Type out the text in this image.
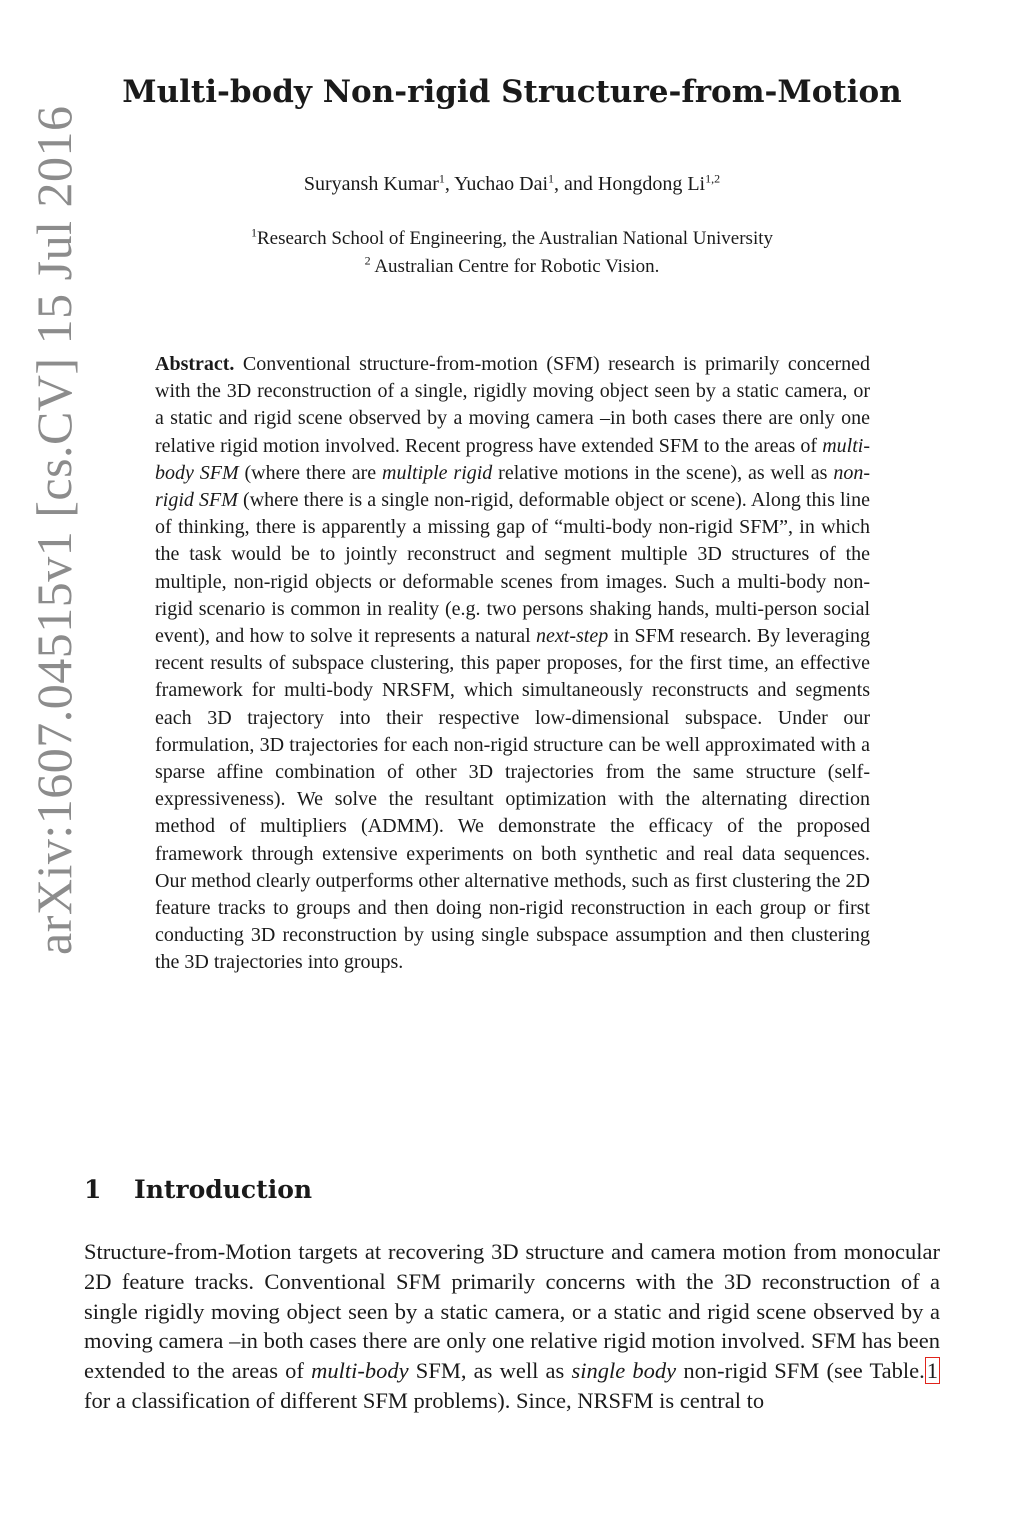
arXiv:1607.04515v1 [cs.CV] 15 Jul 2016
Multi-body Non-rigid Structure-from-Motion
Suryansh Kumar$^1$, Yuchao Dai$^1$, and Hongdong Li$^{1,2}$
$^1$Research School of Engineering, the Australian National University
$^2$ Australian Centre for Robotic Vision.

Abstract. Conventional structure-from-motion (SFM) research is primarily concerned with the 3D reconstruction of a single, rigidly moving object seen by a static camera, or a static and rigid scene observed by a moving camera –in both cases there are only one relative rigid motion involved. Recent progress have extended SFM to the areas of multi-body SFM (where there are multiple rigid relative motions in the scene), as well as non-rigid SFM (where there is a single non-rigid, deformable object or scene). Along this line of thinking, there is apparently a missing gap of “multi-body non-rigid SFM”, in which the task would be to jointly reconstruct and segment multiple 3D structures of the multiple, non-rigid objects or deformable scenes from images. Such a multi-body non-rigid scenario is common in reality (e.g. two persons shaking hands, multi-person social event), and how to solve it represents a natural next-step in SFM research. By leveraging recent results of subspace clustering, this paper proposes, for the first time, an effective framework for multi-body NRSFM, which simultaneously reconstructs and segments each 3D trajectory into their respective low-dimensional subspace. Under our formulation, 3D trajectories for each non-rigid structure can be well approximated with a sparse affine combination of other 3D trajectories from the same structure (self-expressiveness). We solve the resultant optimization with the alternating direction method of multipliers (ADMM). We demonstrate the efficacy of the proposed framework through extensive experiments on both synthetic and real data sequences. Our method clearly outperforms other alternative methods, such as first clustering the 2D feature tracks to groups and then doing non-rigid reconstruction in each group or first conducting 3D reconstruction by using single subspace assumption and then clustering the 3D trajectories into groups.

1 Introduction

Structure-from-Motion targets at recovering 3D structure and camera motion from monocular 2D feature tracks. Conventional SFM primarily concerns with the 3D reconstruction of a single rigidly moving object seen by a static camera, or a static and rigid scene observed by a moving camera –in both cases there are only one relative rigid motion involved. SFM has been extended to the areas of multi-body SFM, as well as single body non-rigid SFM (see Table.1 for a classification of different SFM problems). Since, NRSFM is central to
